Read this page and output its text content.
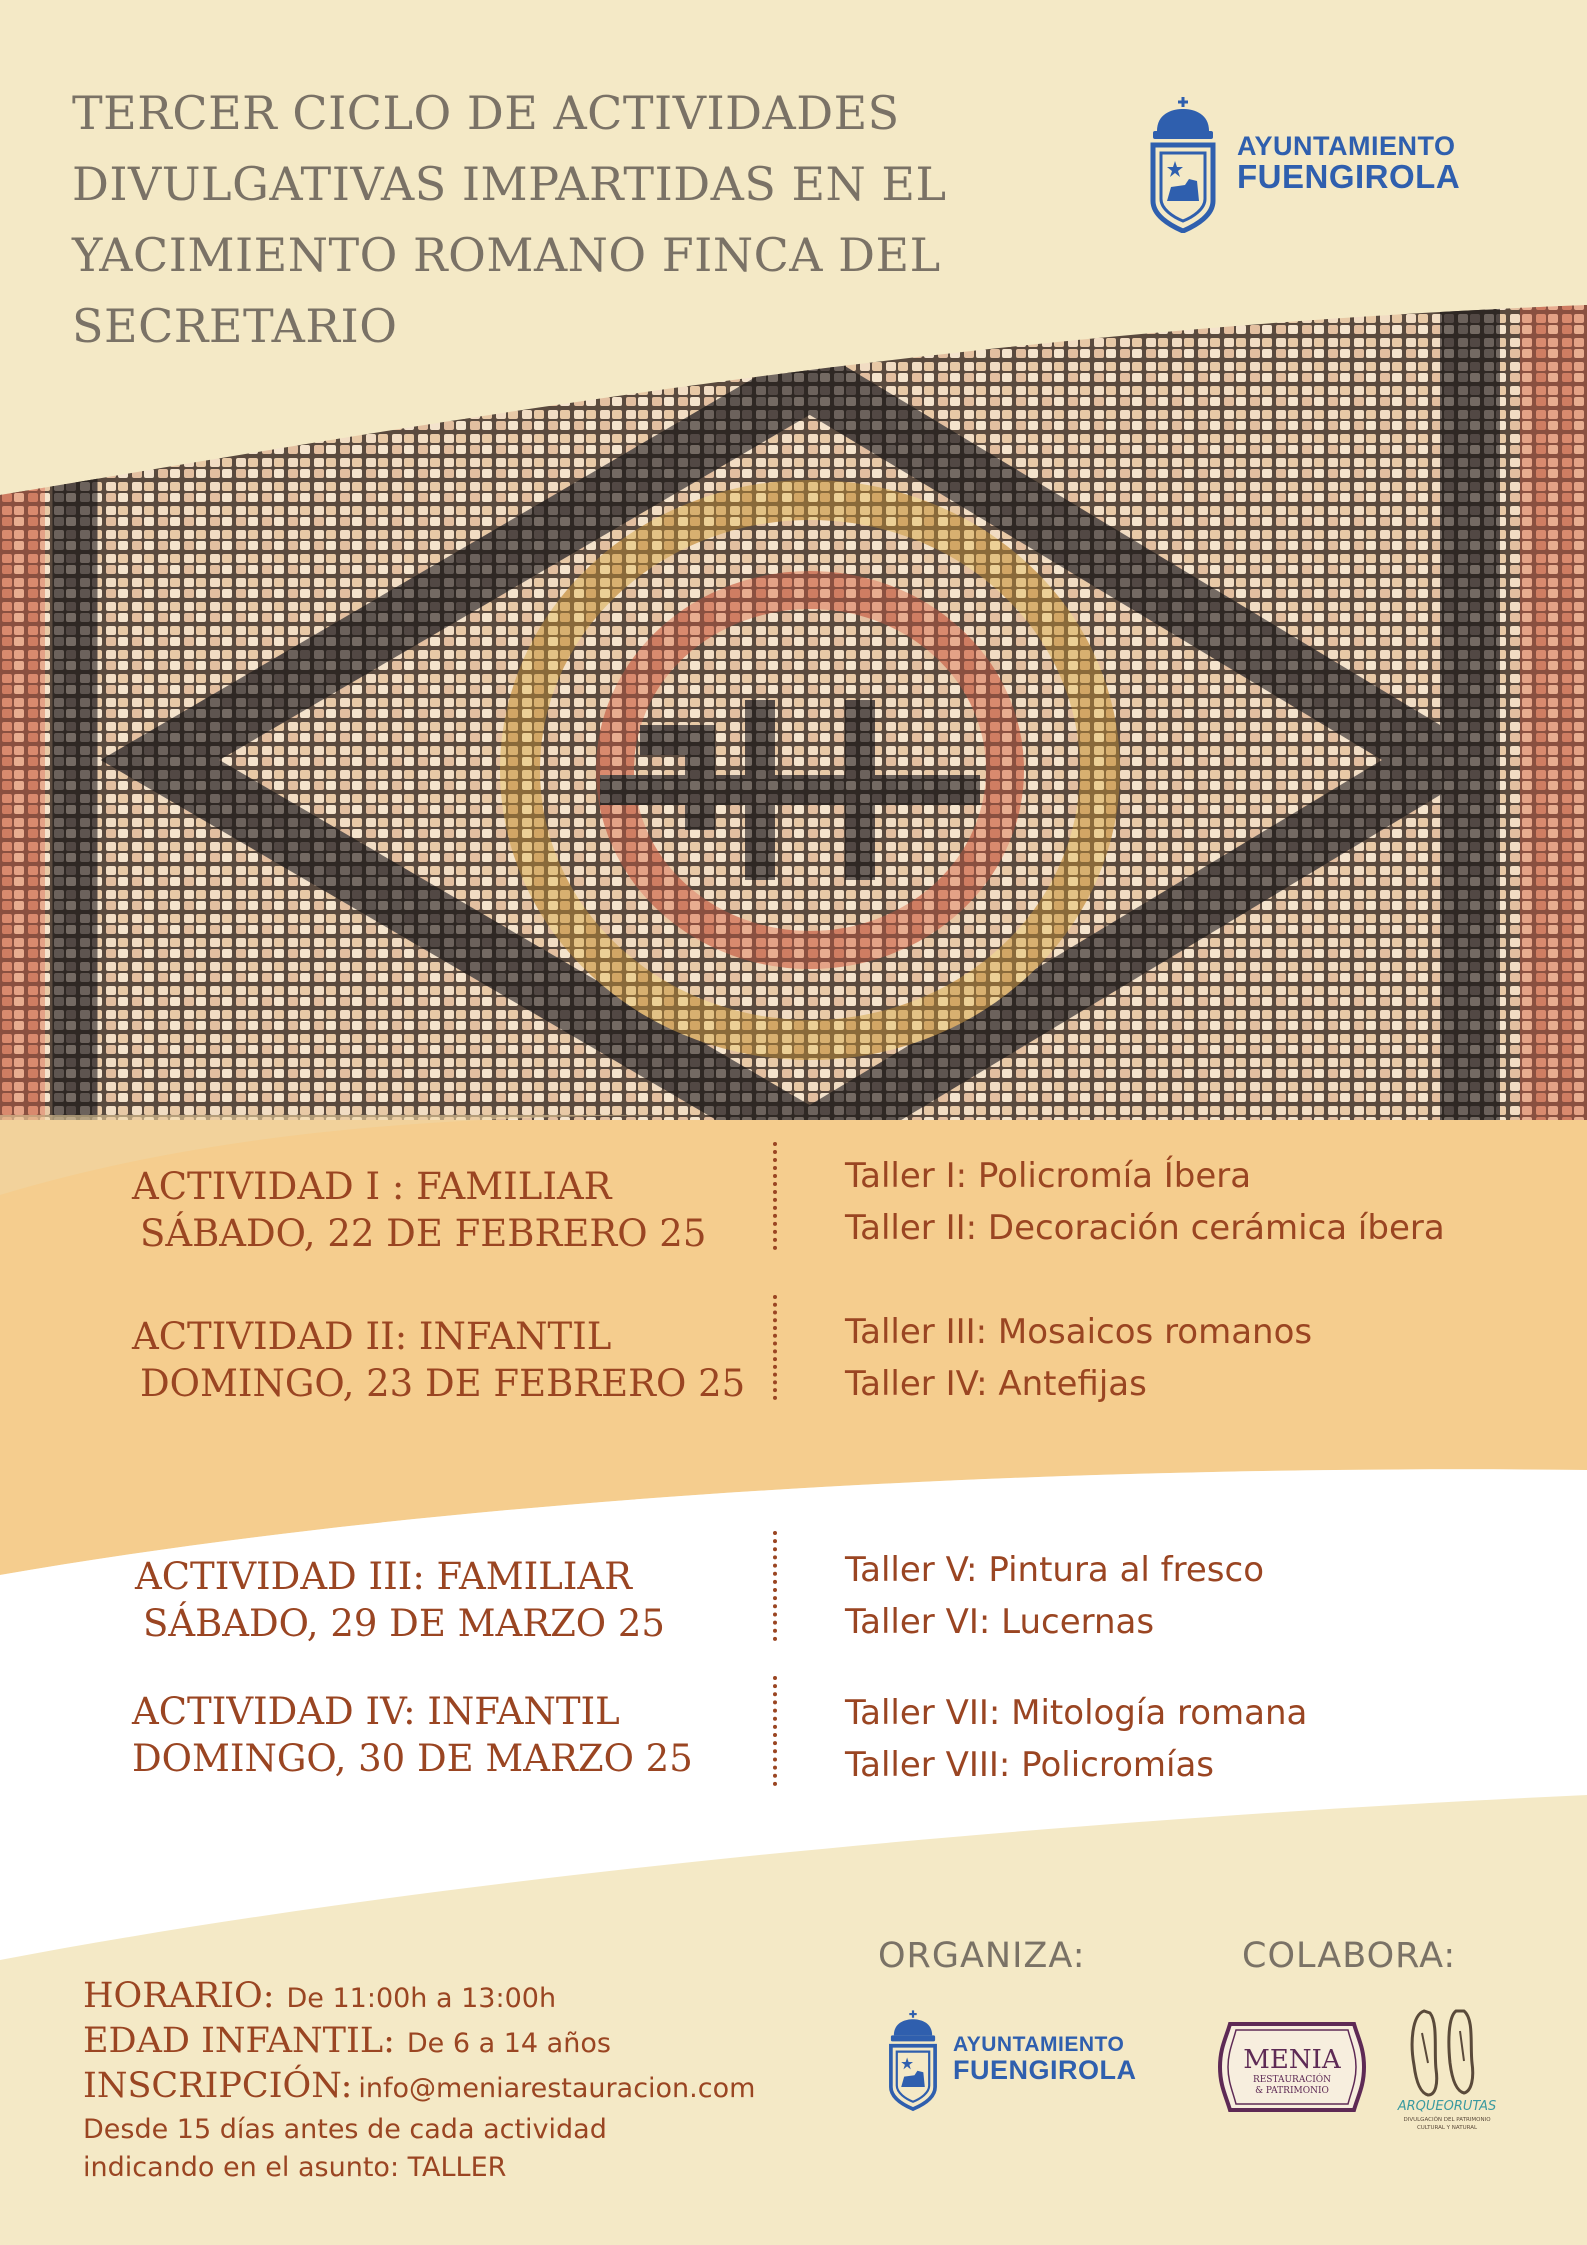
TERCER CICLO DE ACTIVIDADES
DIVULGATIVAS IMPARTIDAS EN EL
YACIMIENTO ROMANO FINCA DEL
SECRETARIO
AYUNTAMIENTO
FUENGIROLA
ACTIVIDAD I : FAMILIAR
SÁBADO, 22 DE FEBRERO 25
Taller I: Policromía Íbera
Taller II: Decoración cerámica íbera
ACTIVIDAD II: INFANTIL
DOMINGO, 23 DE FEBRERO 25
Taller III: Mosaicos romanos
Taller IV: Antefijas
ACTIVIDAD III: FAMILIAR
SÁBADO, 29 DE MARZO 25
Taller V: Pintura al fresco
Taller VI: Lucernas
ACTIVIDAD IV: INFANTIL
DOMINGO, 30 DE MARZO 25
Taller VII: Mitología romana
Taller VIII: Policromías
HORARIO: De 11:00h a 13:00h
EDAD INFANTIL: De 6 a 14 años
INSCRIPCIÓN: info@meniarestauracion.com
Desde 15 días antes de cada actividad
indicando en el asunto: TALLER
ORGANIZA:	COLABORA:
AYUNTAMIENTO
FUENGIROLA	MENIA
RESTAURACIÓN
& PATRIMONIO
ARQUEORUTAS
DIVULGACIÓN DEL PATRIMONIO
CULTURAL Y NATURAL
